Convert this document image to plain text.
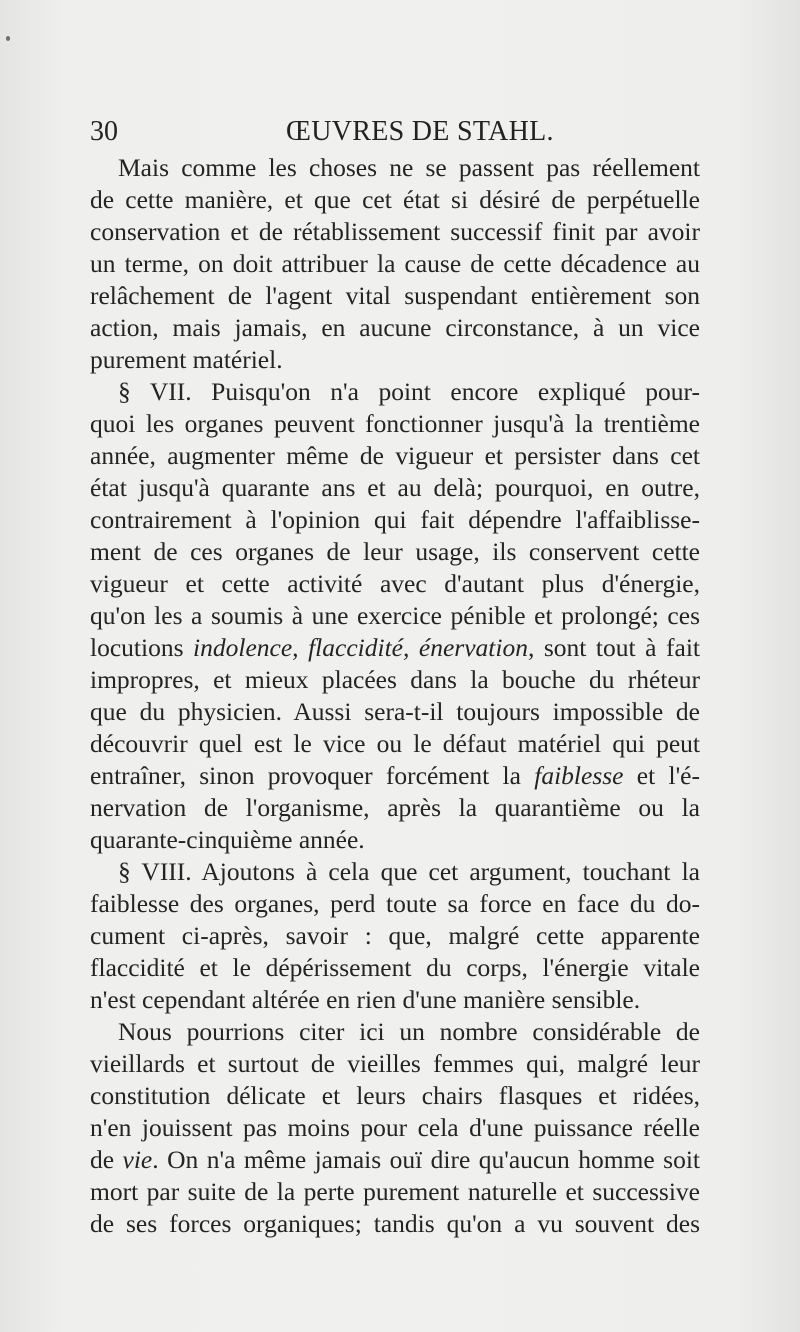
30	ŒUVRES DE STAHL.
Mais comme les choses ne se passent pas réellement
de cette manière, et que cet état si désiré de perpétuelle
conservation et de rétablissement successif finit par avoir
un terme, on doit attribuer la cause de cette décadence au
relâchement de l'agent vital suspendant entièrement son
action, mais jamais, en aucune circonstance, à un vice
purement matériel.
§ VII. Puisqu'on n'a point encore expliqué pour-
quoi les organes peuvent fonctionner jusqu'à la trentième
année, augmenter même de vigueur et persister dans cet
état jusqu'à quarante ans et au delà; pourquoi, en outre,
contrairement à l'opinion qui fait dépendre l'affaiblisse-
ment de ces organes de leur usage, ils conservent cette
vigueur et cette activité avec d'autant plus d'énergie,
qu'on les a soumis à une exercice pénible et prolongé; ces
locutions indolence, flaccidité, énervation, sont tout à fait
impropres, et mieux placées dans la bouche du rhéteur
que du physicien. Aussi sera-t-il toujours impossible de
découvrir quel est le vice ou le défaut matériel qui peut
entraîner, sinon provoquer forcément la faiblesse et l'é-
nervation de l'organisme, après la quarantième ou la
quarante-cinquième année.
§ VIII. Ajoutons à cela que cet argument, touchant la
faiblesse des organes, perd toute sa force en face du do-
cument ci-après, savoir : que, malgré cette apparente
flaccidité et le dépérissement du corps, l'énergie vitale
n'est cependant altérée en rien d'une manière sensible.
Nous pourrions citer ici un nombre considérable de
vieillards et surtout de vieilles femmes qui, malgré leur
constitution délicate et leurs chairs flasques et ridées,
n'en jouissent pas moins pour cela d'une puissance réelle
de vie. On n'a même jamais ouï dire qu'aucun homme soit
mort par suite de la perte purement naturelle et successive
de ses forces organiques; tandis qu'on a vu souvent des
